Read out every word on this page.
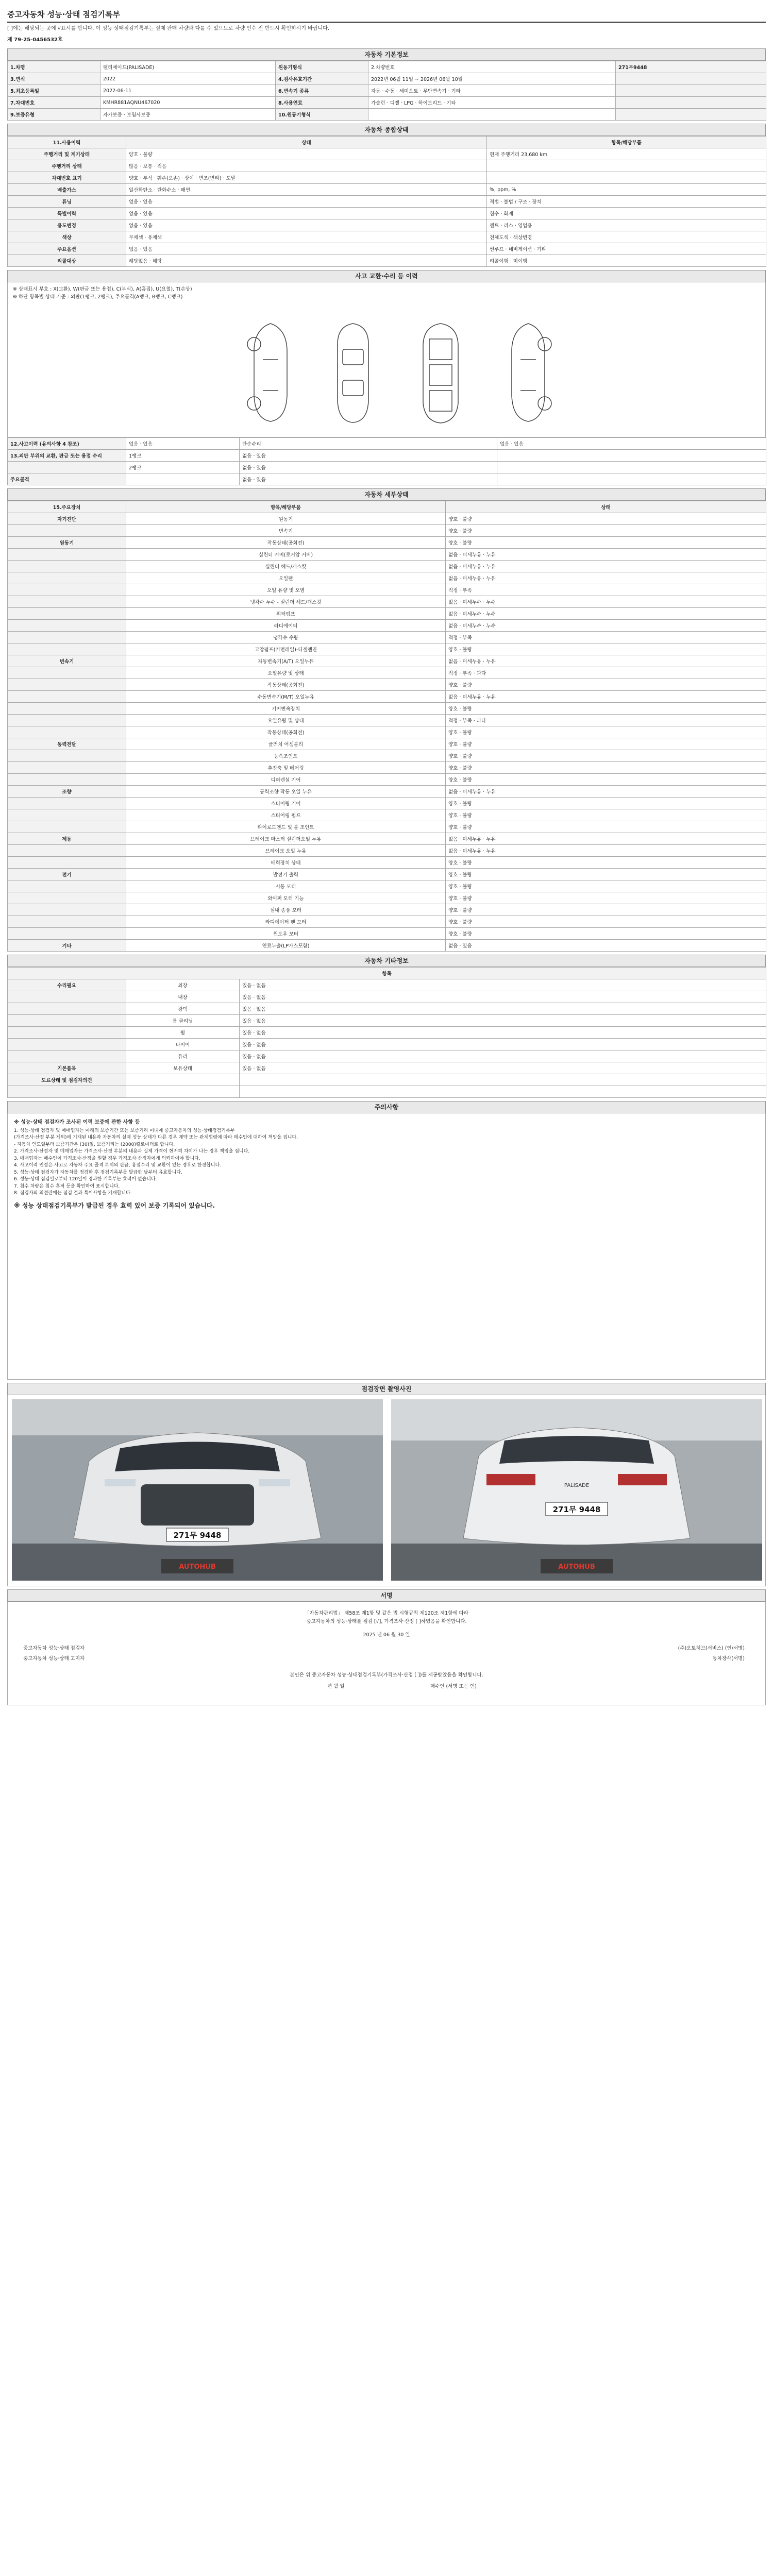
중고자동차 성능·상태 점검기록부
[ ]에는 해당되는 곳에 √표시를 합니다. 이 성능·상태점검기록부는 실제 판매 차량과 다를 수 있으므로 차량 인수 전 반드시 확인하시기 바랍니다.
제 79-25-0456532호
자동차 기본정보
1.차명	팰리세이드(PALISADE)	원동기형식	2.차량번호	271무9448
3.연식	2022	4.검사유효기간	2022년 06월 11일 ~ 2026년 06월 10일	
5.최초등록일	2022-06-11	6.변속기 종류	자동 · 수동 · 세미오토 · 무단변속기 · 기타	
7.차대번호	KMHR881AQNU467020	8.사용연료	가솔린 · 디젤 · LPG · 하이브리드 · 기타	
9.보증유형	자가보증 · 보험사보증	10.원동기형식		
자동차 종합상태
11.사용이력	상태	항목/해당부품
주행거리 및 계기상태	양호 · 불량	현재 주행거리 23,680 km
주행거리 상태	많음 · 보통 · 적음	
차대번호 표기	양호 · 부식 · 훼손(오손) · 상이 · 변조(변타) · 도말	
배출가스	일산화탄소 · 탄화수소 · 매연	%, ppm, %
튜닝	없음 · 있음	적법 · 불법 / 구조 · 장치
특별이력	없음 · 있음	침수 · 화재
용도변경	없음 · 있음	렌트 · 리스 · 영업용
색상	무채색 · 유채색	전체도색 · 색상변경
주요옵션	없음 · 있음	썬루프 · 네비게이션 · 기타
리콜대상	해당없음 · 해당	리콜이행 · 미이행
사고 교환·수리 등 이력
※ 상태표시 부호 : X(교환), W(판금 또는 용접), C(부식), A(흠집), U(요철), T(손상)
※ 하단 항목별 상태 기준 : 외판(1랭크, 2랭크), 주요골격(A랭크, B랭크, C랭크)
12.사고이력 (유의사항 4 참조)	없음 · 있음	단순수리	없음 · 있음
13.외판 부위의 교환, 판금 또는 용접 수리	1랭크	없음 · 있음	
	2랭크	없음 · 있음	
주요골격		없음 · 있음	
자동차 세부상태
15.주요장치	항목/해당부품	상태
자기진단	원동기	양호 · 불량
	변속기	양호 · 불량
원동기	작동상태(공회전)	양호 · 불량
	실린더 커버(로커암 커버)	없음 · 미세누유 · 누유
	실린더 헤드/개스킷	없음 · 미세누유 · 누유
	오일팬	없음 · 미세누유 · 누유
	오일 유량 및 오염	적정 · 부족
	냉각수 누수 - 실린더 헤드/개스킷	없음 · 미세누수 · 누수
	워터펌프	없음 · 미세누수 · 누수
	라디에이터	없음 · 미세누수 · 누수
	냉각수 수량	적정 · 부족
	고압펌프(커먼레일)-디젤엔진	양호 · 불량
변속기	자동변속기(A/T) 오일누유	없음 · 미세누유 · 누유
	오일유량 및 상태	적정 · 부족 · 과다
	작동상태(공회전)	양호 · 불량
	수동변속기(M/T) 오일누유	없음 · 미세누유 · 누유
	기어변속장치	양호 · 불량
	오일유량 및 상태	적정 · 부족 · 과다
	작동상태(공회전)	양호 · 불량
동력전달	클러치 어셈블리	양호 · 불량
	등속조인트	양호 · 불량
	추진축 및 베어링	양호 · 불량
	디퍼렌셜 기어	양호 · 불량
조향	동력조향 작동 오일 누유	없음 · 미세누유 · 누유
	스티어링 기어	양호 · 불량
	스티어링 펌프	양호 · 불량
	타이로드엔드 및 볼 조인트	양호 · 불량
제동	브레이크 마스터 실린더오일 누유	없음 · 미세누유 · 누유
	브레이크 오일 누유	없음 · 미세누유 · 누유
	배력장치 상태	양호 · 불량
전기	발전기 출력	양호 · 불량
	시동 모터	양호 · 불량
	와이퍼 모터 기능	양호 · 불량
	실내 송풍 모터	양호 · 불량
	라디에이터 팬 모터	양호 · 불량
	윈도우 모터	양호 · 불량
기타	연료누출(LP가스포함)	없음 · 있음
자동차 기타정보
항목		
수리필요	외장	있음 · 없음
	내장	있음 · 없음
	광택	있음 · 없음
	룸 클리닝	있음 · 없음
	휠	있음 · 없음
	타이어	있음 · 없음
	유리	있음 · 없음
기본품목	보유상태	있음 · 없음
도료상태 및 점검자의견		

주의사항
※ 성능·상태 점검자가 조사된 이력 보증에 관한 사항 등
1. 성능·상태 점검자 및 매매업자는 아래의 보증기간 또는 보증거리 이내에 중고자동차의 성능·상태점검기록부
(가격조사·산정 부분 제외)에 기재된 내용과 자동차의 실제 성능·상태가 다른 경우 계약 또는 관계법령에 따라 매수인에 대하여 책임을 집니다.
- 자동차 인도일부터 보증기간은 (30)일, 보증거리는 (2000)킬로미터로 합니다.
2. 가격조사·산정자 및 매매업자는 가격조사·산정 부분의 내용과 실제 가격이 현저히 차이가 나는 경우 책임을 집니다.
3. 매매업자는 매수인이 가격조사·산정을 원할 경우 가격조사·산정자에게 의뢰하여야 합니다.
4. 사고이력 인정은 사고로 자동차 주요 골격 부위의 판금, 용접수리 및 교환이 있는 경우로 한정합니다.
5. 성능·상태 점검자가 자동차를 점검한 후 점검기록부를 발급한 날부터 유효합니다.
6. 성능·상태 점검일로부터 120일이 경과한 기록부는 효력이 없습니다.
7. 침수 차량은 침수 흔적 등을 확인하여 표시합니다.
8. 점검자의 의견란에는 점검 결과 특이사항을 기재합니다.
※ 성능 상태점검기록부가 발급된 경우 효력 있어 보증 기록되어 있습니다.
점검장면 촬영사진
271무 9448
AUTOHUB
PALISADE
271무 9448
AUTOHUB
서명
「자동차관리법」 제58조 제1항 및 같은 법 시행규칙 제120조 제1항에 따라
중고자동차의 성능·상태를 점검 [√], 가격조사·산정 [ ]하였음을 확인합니다.
2025 년 06 월 30 일
중고자동차 성능·상태 점검자	(주)오토허브(서비스) (인/서명)
중고자동차 성능·상태 고지자	동차장사(서명)
본인은 위 중고자동차 성능·상태점검기록부(가격조사·산정 [ ])를 제공받았음을 확인합니다.
년 월 일	매수인 (서명 또는 인)
